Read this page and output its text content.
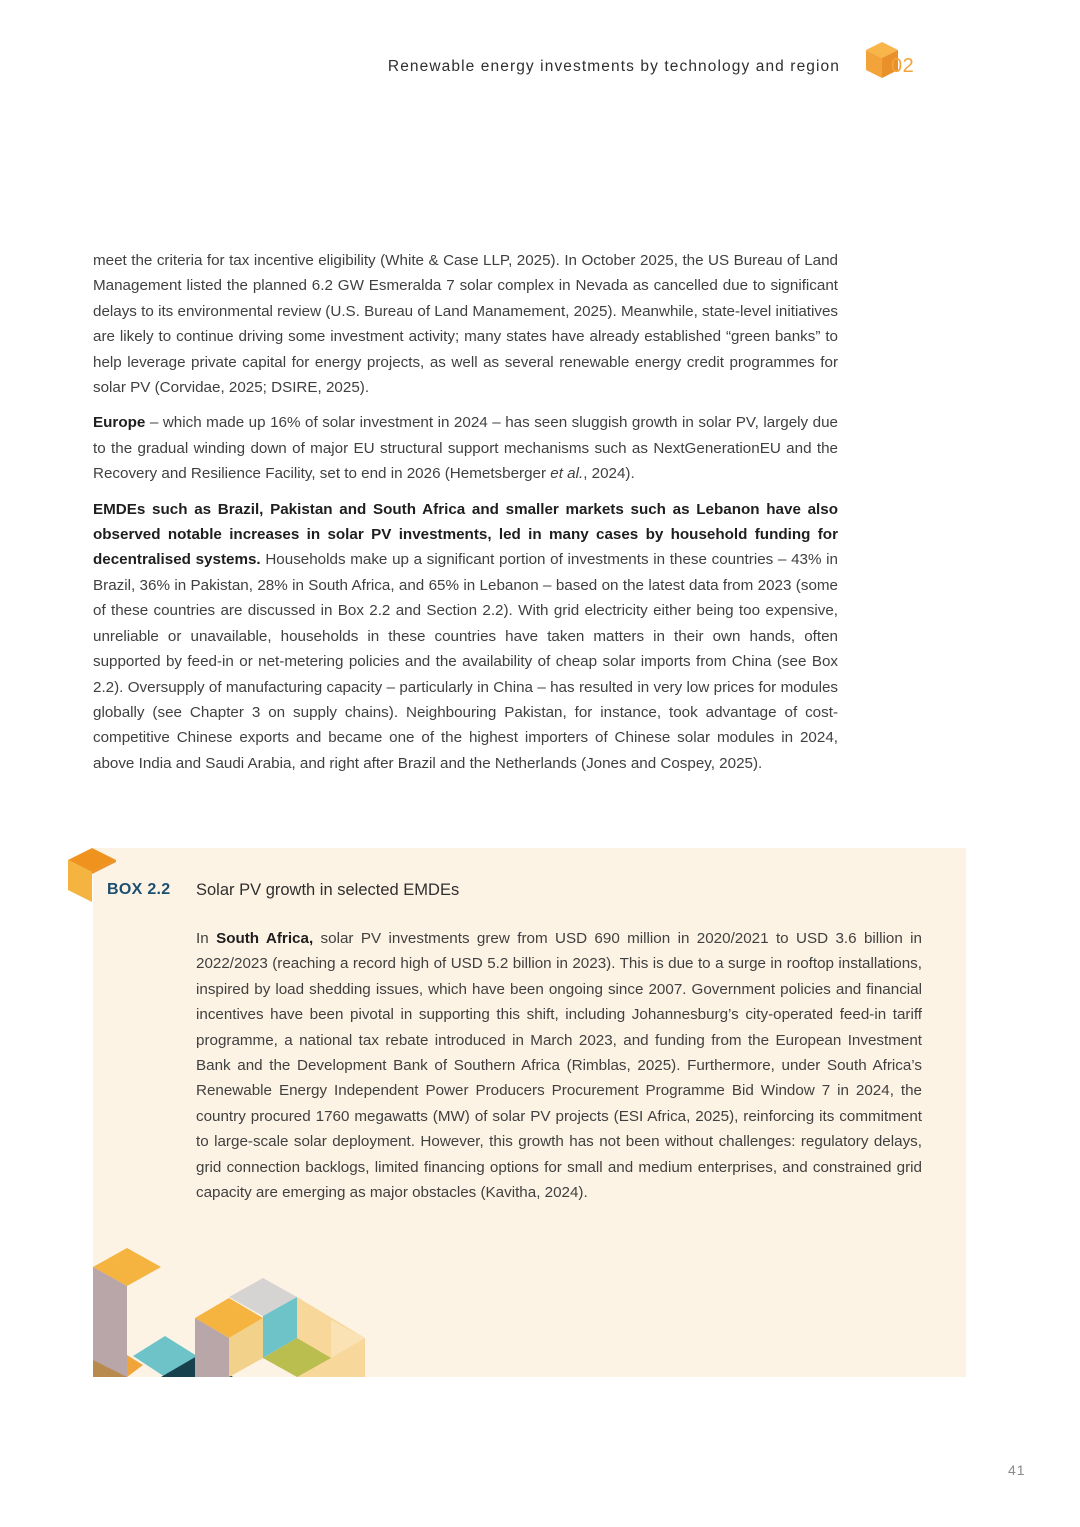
Renewable energy investments by technology and region	02

meet the criteria for tax incentive eligibility (White & Case LLP, 2025). In October 2025, the US Bureau of Land Management listed the planned 6.2 GW Esmeralda 7 solar complex in Nevada as cancelled due to significant delays to its environmental review (U.S. Bureau of Land Manamement, 2025). Meanwhile, state-level initiatives are likely to continue driving some investment activity; many states have already established “green banks” to help leverage private capital for energy projects, as well as several renewable energy credit programmes for solar PV (Corvidae, 2025; DSIRE, 2025).

Europe – which made up 16% of solar investment in 2024 – has seen sluggish growth in solar PV, largely due to the gradual winding down of major EU structural support mechanisms such as NextGenerationEU and the Recovery and Resilience Facility, set to end in 2026 (Hemetsberger et al., 2024).

EMDEs such as Brazil, Pakistan and South Africa and smaller markets such as Lebanon have also observed notable increases in solar PV investments, led in many cases by household funding for decentralised systems. Households make up a significant portion of investments in these countries – 43% in Brazil, 36% in Pakistan, 28% in South Africa, and 65% in Lebanon – based on the latest data from 2023 (some of these countries are discussed in Box 2.2 and Section 2.2). With grid electricity either being too expensive, unreliable or unavailable, households in these countries have taken matters in their own hands, often supported by feed-in or net-metering policies and the availability of cheap solar imports from China (see Box 2.2). Oversupply of manufacturing capacity – particularly in China – has resulted in very low prices for modules globally (see Chapter 3 on supply chains). Neighbouring Pakistan, for instance, took advantage of cost-competitive Chinese exports and became one of the highest importers of Chinese solar modules in 2024, above India and Saudi Arabia, and right after Brazil and the Netherlands (Jones and Cospey, 2025).

BOX 2.2 Solar PV growth in selected EMDEs
In South Africa, solar PV investments grew from USD 690 million in 2020/2021 to USD 3.6 billion in 2022/2023 (reaching a record high of USD 5.2 billion in 2023). This is due to a surge in rooftop installations, inspired by load shedding issues, which have been ongoing since 2007. Government policies and financial incentives have been pivotal in supporting this shift, including Johannesburg’s city-operated feed-in tariff programme, a national tax rebate introduced in March 2023, and funding from the European Investment Bank and the Development Bank of Southern Africa (Rimblas, 2025). Furthermore, under South Africa’s Renewable Energy Independent Power Producers Procurement Programme Bid Window 7 in 2024, the country procured 1760 megawatts (MW) of solar PV projects (ESI Africa, 2025), reinforcing its commitment to large-scale solar deployment. However, this growth has not been without challenges: regulatory delays, grid connection backlogs, limited financing options for small and medium enterprises, and constrained grid capacity are emerging as major obstacles (Kavitha, 2024).
41
